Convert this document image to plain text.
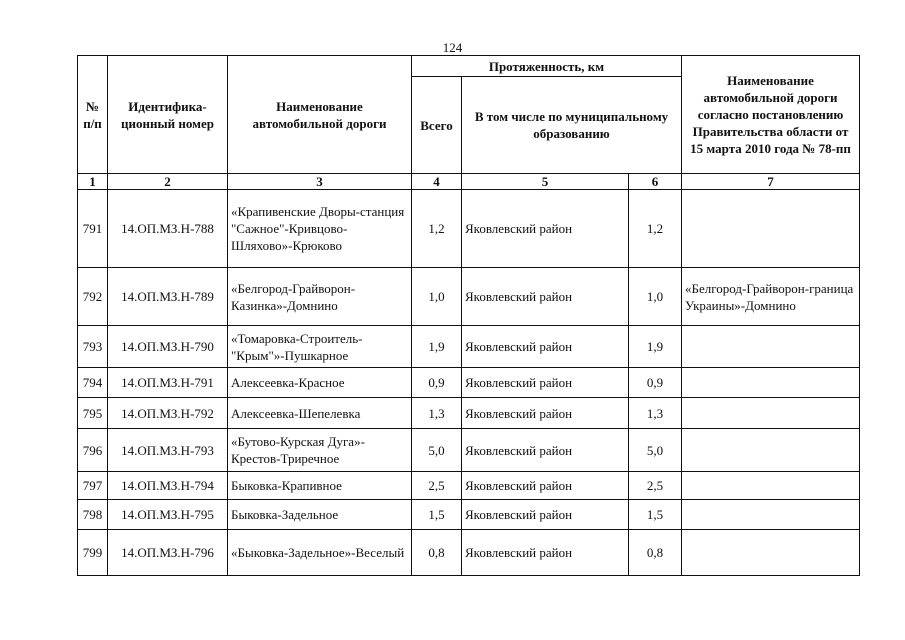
124
№ п/п	Идентифика-ционный номер	Наименование автомобильной дороги	Протяженность, км			Наименование автомобильной дороги согласно постановлению Правительства области от 15 марта 2010 года № 78-пп
			Всего	В том числе по муниципальному образованию		
1	2	3	4	5	6	7
791	14.ОП.МЗ.Н-788	«Крапивенские Дворы-станция "Сажное"-Кривцово-Шляхово»-Крюково	1,2	Яковлевский район	1,2	
792	14.ОП.МЗ.Н-789	«Белгород-Грайворон-Казинка»-Домнино	1,0	Яковлевский район	1,0	«Белгород-Грайворон-граница Украины»-Домнино
793	14.ОП.МЗ.Н-790	«Томаровка-Строитель-"Крым"»-Пушкарное	1,9	Яковлевский район	1,9	
794	14.ОП.МЗ.Н-791	Алексеевка-Красное	0,9	Яковлевский район	0,9	
795	14.ОП.МЗ.Н-792	Алексеевка-Шепелевка	1,3	Яковлевский район	1,3	
796	14.ОП.МЗ.Н-793	«Бутово-Курская Дуга»-Крестов-Триречное	5,0	Яковлевский район	5,0	
797	14.ОП.МЗ.Н-794	Быковка-Крапивное	2,5	Яковлевский район	2,5	
798	14.ОП.МЗ.Н-795	Быковка-Задельное	1,5	Яковлевский район	1,5	
799	14.ОП.МЗ.Н-796	«Быковка-Задельное»-Веселый	0,8	Яковлевский район	0,8	
